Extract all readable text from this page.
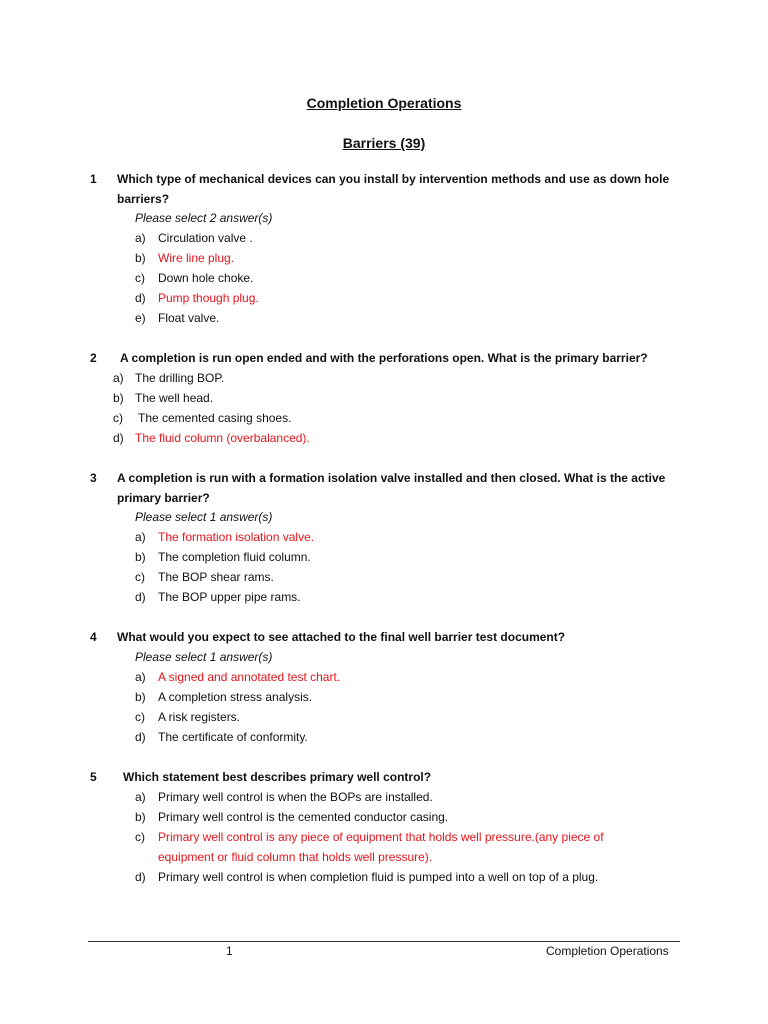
Completion Operations
Barriers (39)
1 Which type of mechanical devices can you install by intervention methods and use as down hole barriers?
Please select 2 answer(s)
a) Circulation valve .
b) Wire line plug.
c) Down hole choke.
d) Pump though plug.
e) Float valve.
2 A completion is run open ended and with the perforations open. What is the primary barrier?
a) The drilling BOP.
b) The well head.
c) The cemented casing shoes.
d) The fluid column (overbalanced).
3 A completion is run with a formation isolation valve installed and then closed. What is the active primary barrier?
Please select 1 answer(s)
a) The formation isolation valve.
b) The completion fluid column.
c) The BOP shear rams.
d) The BOP upper pipe rams.
4 What would you expect to see attached to the final well barrier test document?
Please select 1 answer(s)
a) A signed and annotated test chart.
b) A completion stress analysis.
c) A risk registers.
d) The certificate of conformity.
5 Which statement best describes primary well control?
a) Primary well control is when the BOPs are installed.
b) Primary well control is the cemented conductor casing.
c) Primary well control is any piece of equipment that holds well pressure.(any piece of equipment or fluid column that holds well pressure).
d) Primary well control is when completion fluid is pumped into a well on top of a plug.
1	Completion Operations
